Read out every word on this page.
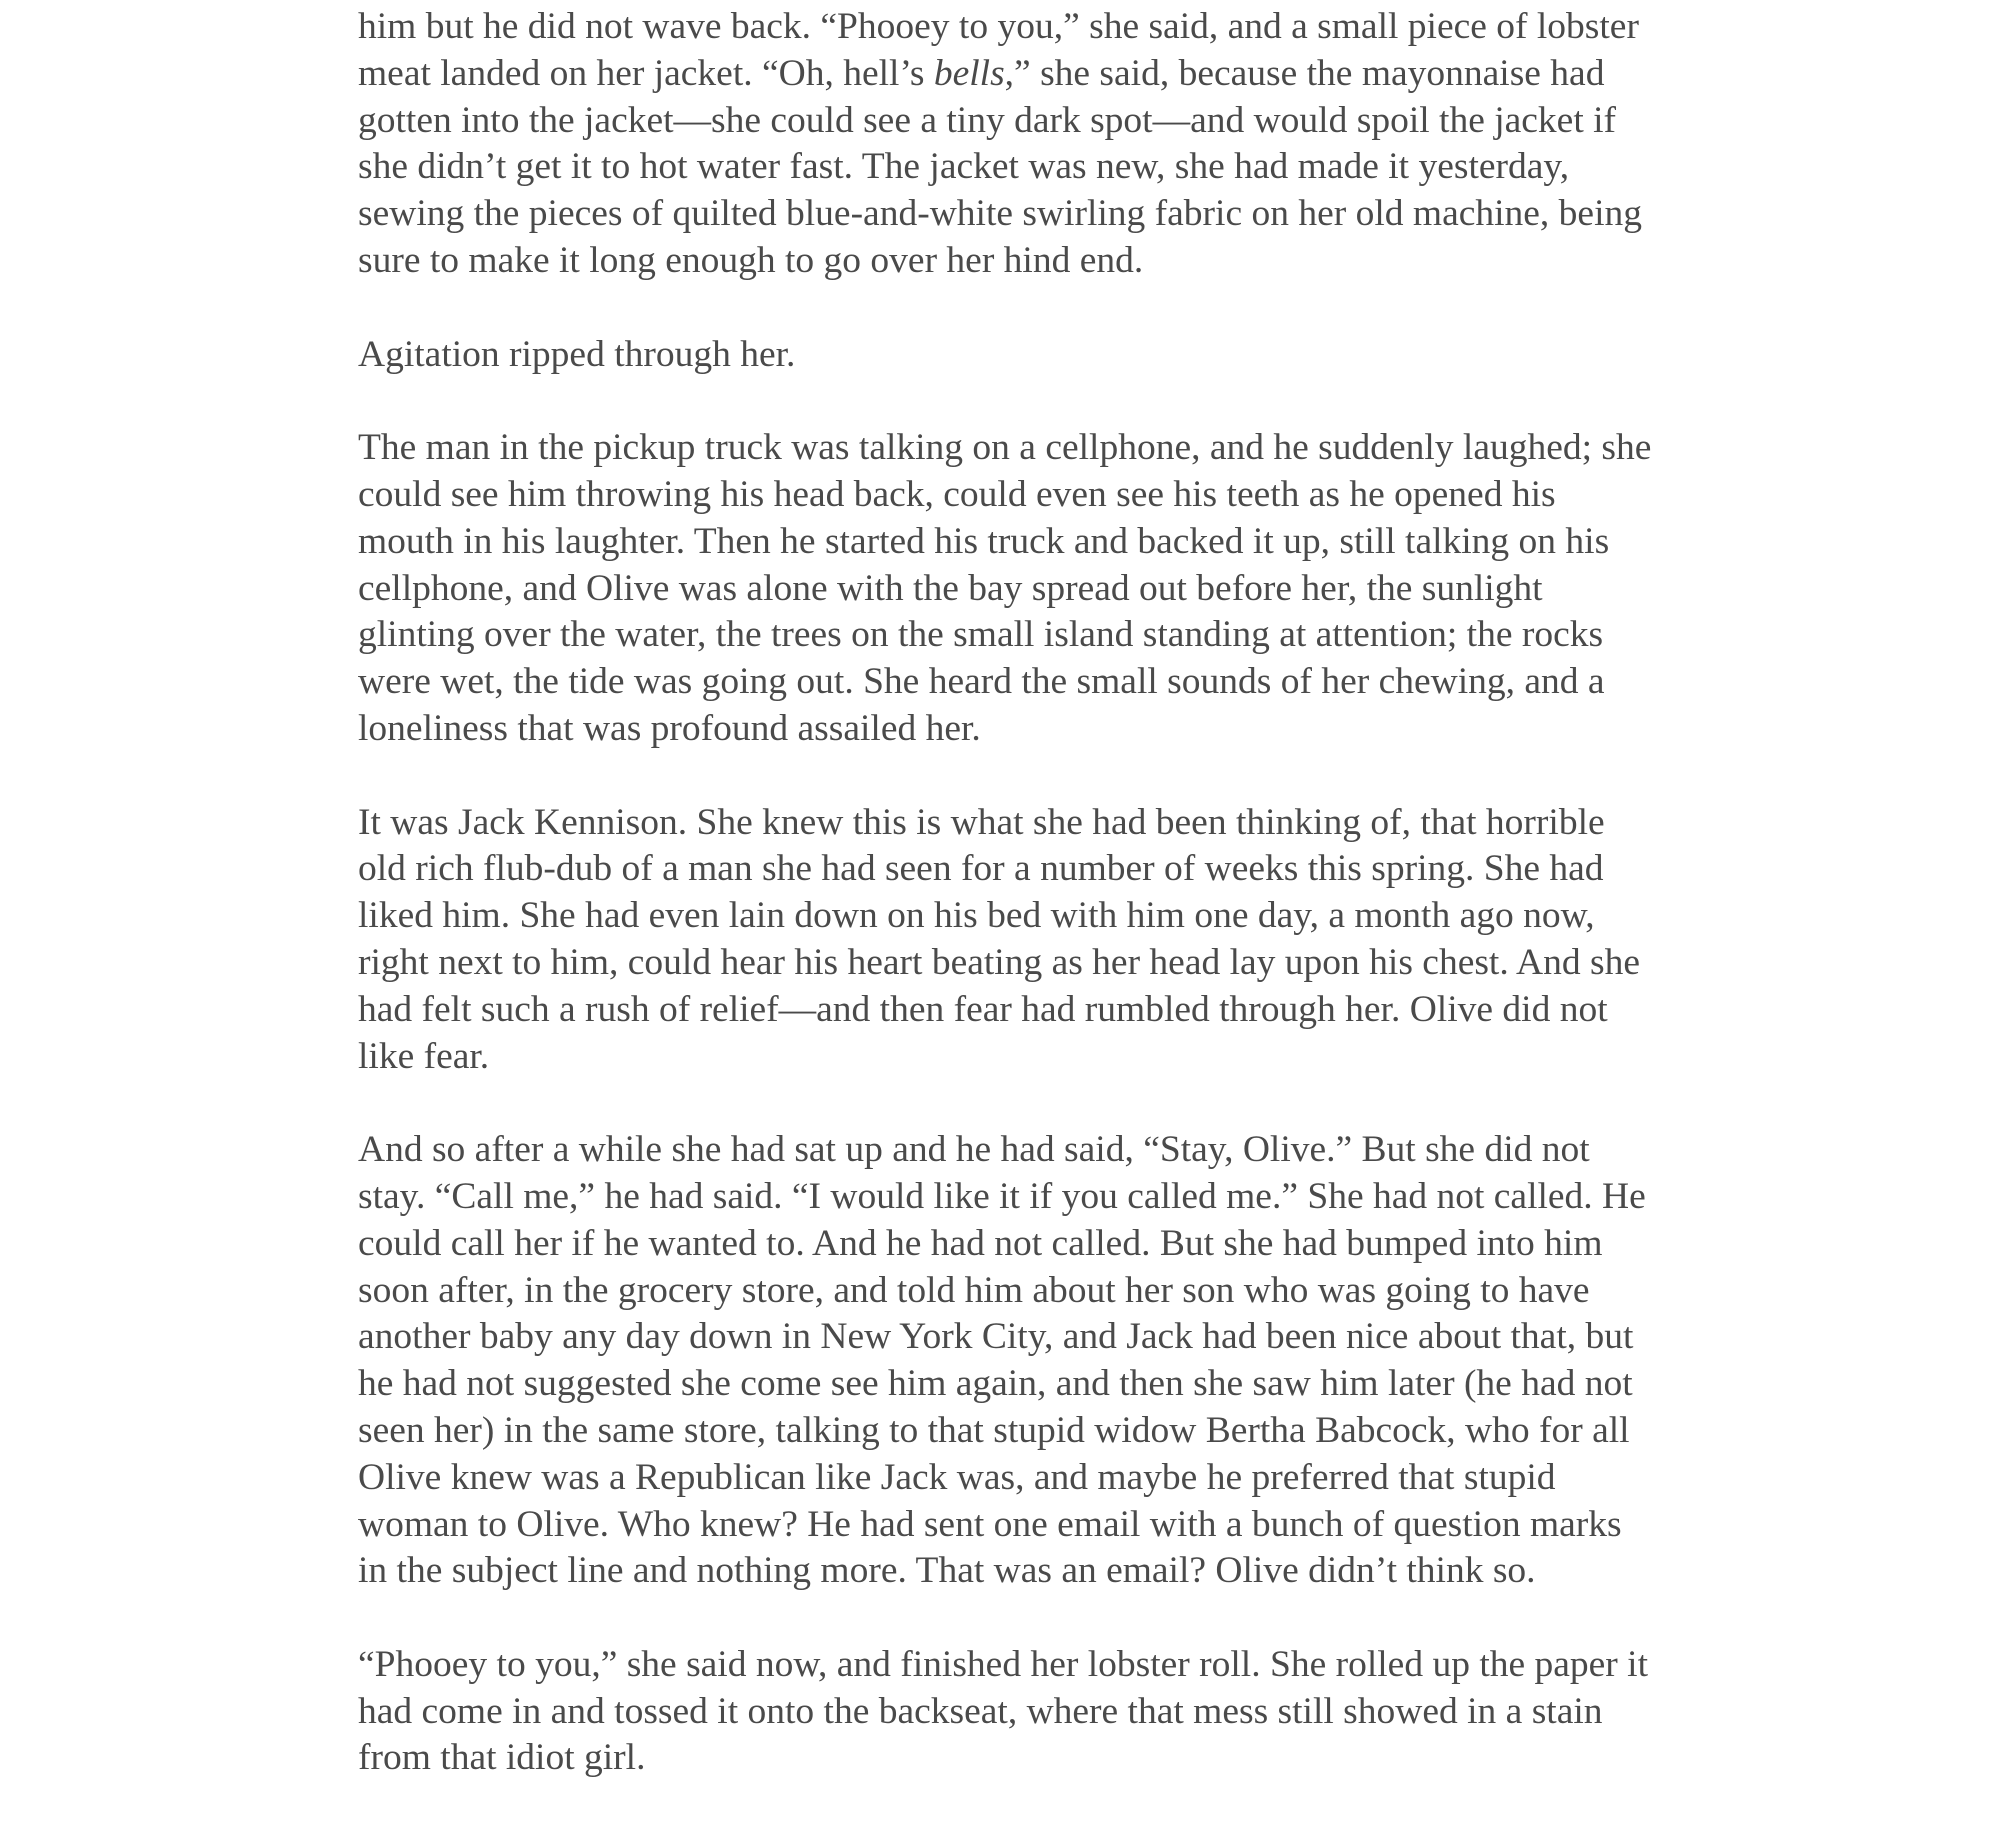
him but he did not wave back. “Phooey to you,” she said, and a small piece of lobster
meat landed on her jacket. “Oh, hell’s bells,” she said, because the mayonnaise had
gotten into the jacket—she could see a tiny dark spot—and would spoil the jacket if
she didn’t get it to hot water fast. The jacket was new, she had made it yesterday,
sewing the pieces of quilted blue-and-white swirling fabric on her old machine, being
sure to make it long enough to go over her hind end.

Agitation ripped through her.

The man in the pickup truck was talking on a cellphone, and he suddenly laughed; she
could see him throwing his head back, could even see his teeth as he opened his
mouth in his laughter. Then he started his truck and backed it up, still talking on his
cellphone, and Olive was alone with the bay spread out before her, the sunlight
glinting over the water, the trees on the small island standing at attention; the rocks
were wet, the tide was going out. She heard the small sounds of her chewing, and a
loneliness that was profound assailed her.

It was Jack Kennison. She knew this is what she had been thinking of, that horrible
old rich flub-dub of a man she had seen for a number of weeks this spring. She had
liked him. She had even lain down on his bed with him one day, a month ago now,
right next to him, could hear his heart beating as her head lay upon his chest. And she
had felt such a rush of relief—and then fear had rumbled through her. Olive did not
like fear.

And so after a while she had sat up and he had said, “Stay, Olive.” But she did not
stay. “Call me,” he had said. “I would like it if you called me.” She had not called. He
could call her if he wanted to. And he had not called. But she had bumped into him
soon after, in the grocery store, and told him about her son who was going to have
another baby any day down in New York City, and Jack had been nice about that, but
he had not suggested she come see him again, and then she saw him later (he had not
seen her) in the same store, talking to that stupid widow Bertha Babcock, who for all
Olive knew was a Republican like Jack was, and maybe he preferred that stupid
woman to Olive. Who knew? He had sent one email with a bunch of question marks
in the subject line and nothing more. That was an email? Olive didn’t think so.

“Phooey to you,” she said now, and finished her lobster roll. She rolled up the paper it
had come in and tossed it onto the backseat, where that mess still showed in a stain
from that idiot girl.
